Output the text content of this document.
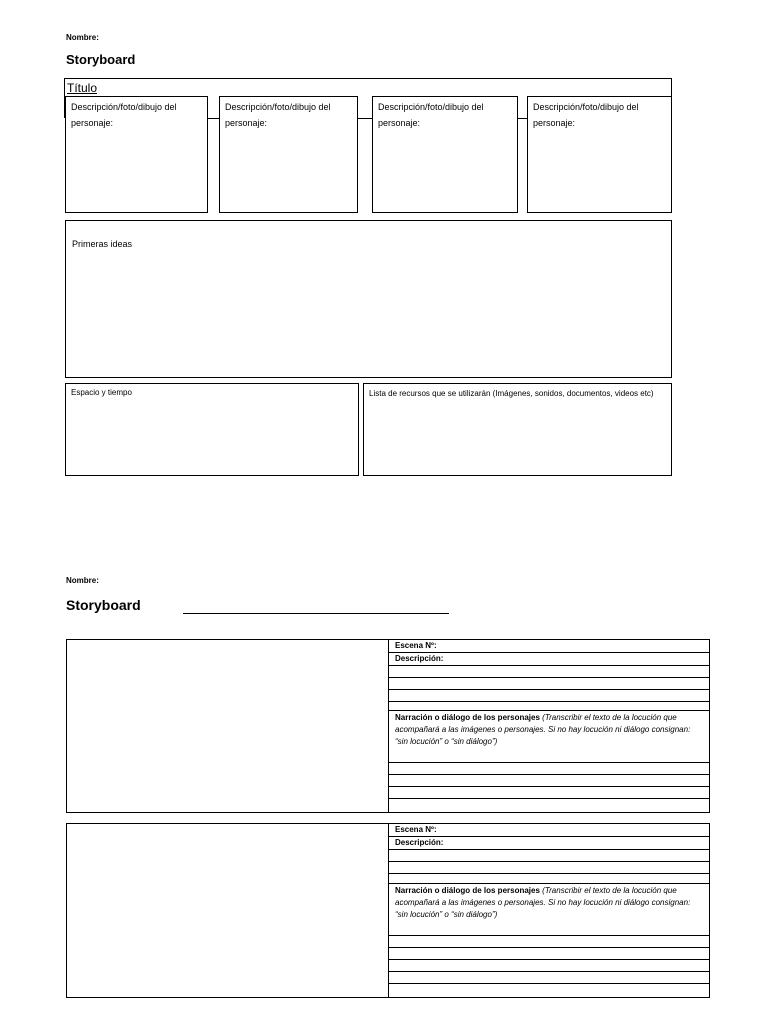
Nombre:
Storyboard
Título
Descripción/foto/dibujo del personaje:
Descripción/foto/dibujo del personaje:
Descripción/foto/dibujo del personaje:
Descripción/foto/dibujo del personaje:
Primeras ideas
Espacio y tiempo	Lista de recursos que se utilizarán (Imágenes, sonidos, documentos, videos etc)
Nombre:
Storyboard
Escena Nº:
Descripción:
Narración o diálogo de los personajes (Transcribir el texto de la locución que acompañará a las imágenes o personajes. Si no hay locución ni diálogo consignan: “sin locución” o “sin diálogo”)
Escena Nº:
Descripción:
Narración o diálogo de los personajes (Transcribir el texto de la locución que acompañará a las imágenes o personajes. Si no hay locución ni diálogo consignan: “sin locución” o “sin diálogo”)
